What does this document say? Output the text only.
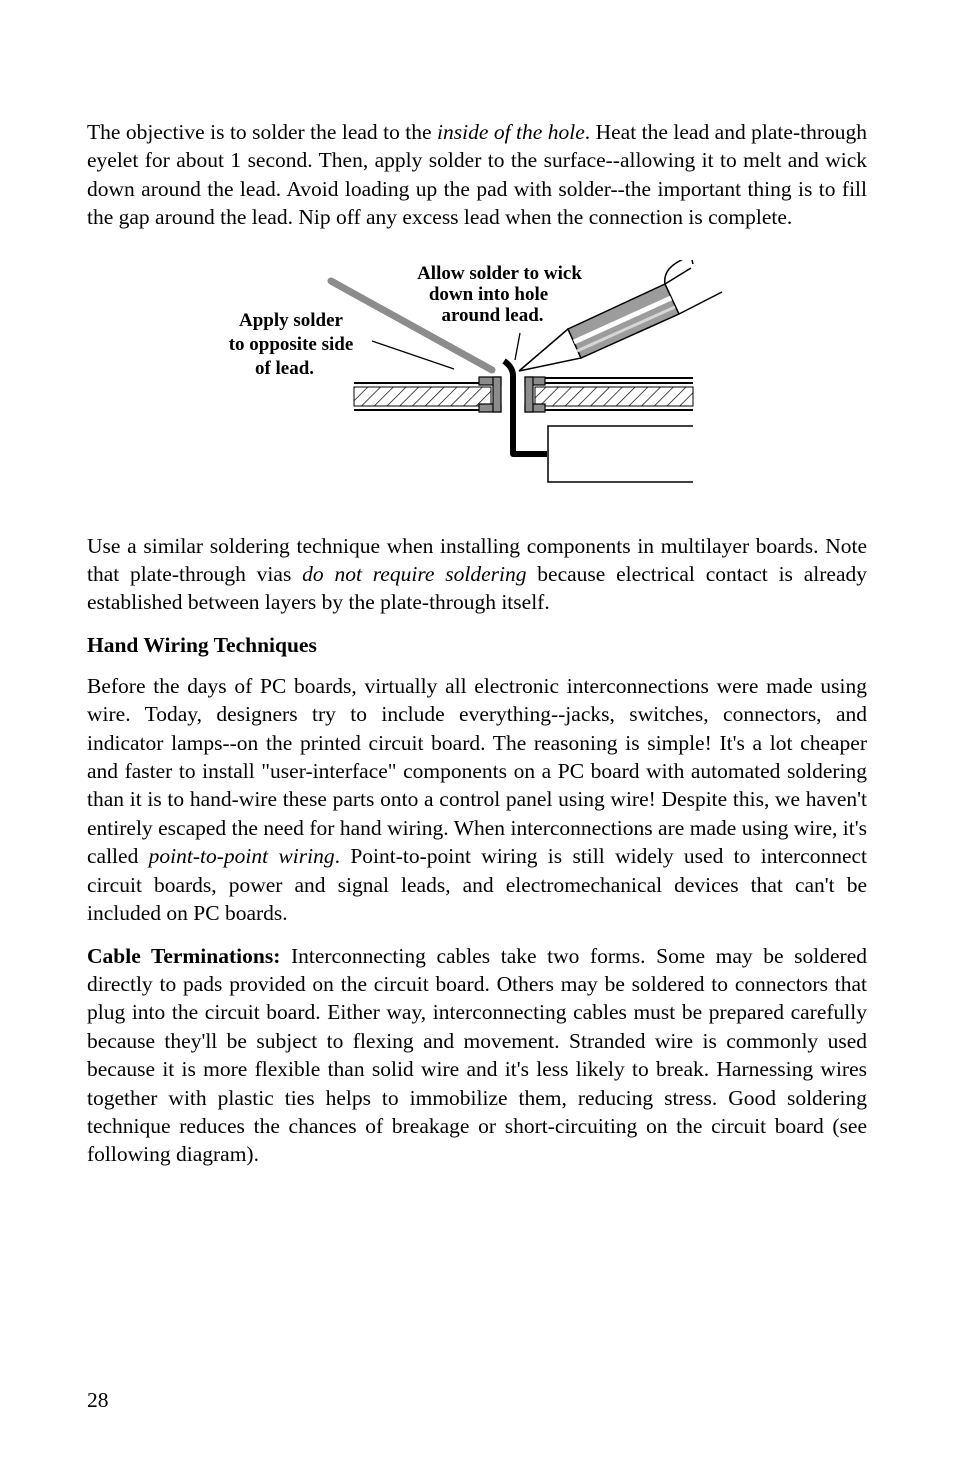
The objective is to solder the lead to the inside of the hole. Heat the lead and plate-through eyelet for about 1 second. Then, apply solder to the surface--allowing it to melt and wick down around the lead. Avoid loading up the pad with solder--the important thing is to fill the gap around the lead. Nip off any excess lead when the connection is complete.

Allow solder to wick
down into hole
around lead.
Apply solder
to opposite side
of lead.

Use a similar soldering technique when installing components in multilayer boards. Note that plate-through vias do not require soldering because electrical contact is already established between layers by the plate-through itself.

Hand Wiring Techniques

Before the days of PC boards, virtually all electronic interconnections were made using wire. Today, designers try to include everything--jacks, switches, connectors, and indicator lamps--on the printed circuit board. The reasoning is simple! It's a lot cheaper and faster to install "user-interface" components on a PC board with automated soldering than it is to hand-wire these parts onto a control panel using wire! Despite this, we haven't entirely escaped the need for hand wiring. When interconnections are made using wire, it's called point-to-point wiring. Point-to-point wiring is still widely used to interconnect circuit boards, power and signal leads, and electromechanical devices that can't be included on PC boards.

Cable Terminations: Interconnecting cables take two forms. Some may be soldered directly to pads provided on the circuit board. Others may be soldered to connectors that plug into the circuit board. Either way, interconnecting cables must be prepared carefully because they'll be subject to flexing and movement. Stranded wire is commonly used because it is more flexible than solid wire and it's less likely to break. Harnessing wires together with plastic ties helps to immobilize them, reducing stress. Good soldering technique reduces the chances of breakage or short-circuiting on the circuit board (see following diagram).

28
